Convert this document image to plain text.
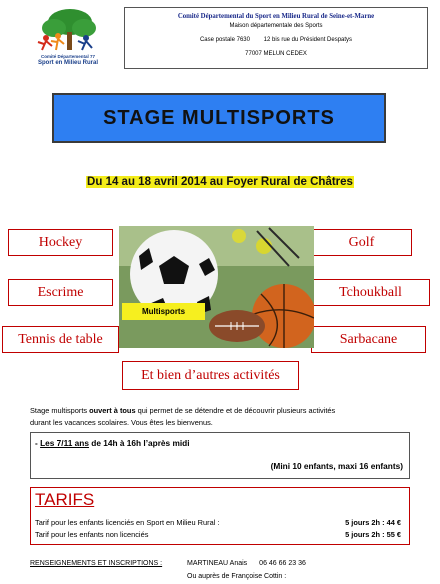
Comité Départemental 77
Sport en Milieu Rural
Comité Départemental du Sport en Milieu Rural de Seine-et-Marne
Maison départementale des Sports
Case postale 7630 12 bis rue du Président Despatys
77007 MELUN CEDEX
STAGE MULTISPORTS
Du 14 au 18 avril 2014 au Foyer Rural de Châtres
Hockey	Golf
Escrime	Tchoukball
Tennis de table	Sarbacane
Multisports
Et bien d’autres activités
Stage multisports ouvert à tous qui permet de se détendre et de découvrir plusieurs activités
durant les vacances scolaires. Vous êtes les bienvenus.
- Les 7/11 ans de 14h à 16h l’après midi
(Mini 10 enfants, maxi 16 enfants)
TARIFS
Tarif pour les enfants licenciés en Sport en Milieu Rural :	5 jours 2h : 44 €
Tarif pour les enfants non licenciés	5 jours 2h : 55 €
RENSEIGNEMENTS ET INSCRIPTIONS :	MARTINEAU Anais 06 46 66 23 36
Ou auprès de Françoise Cottin :
